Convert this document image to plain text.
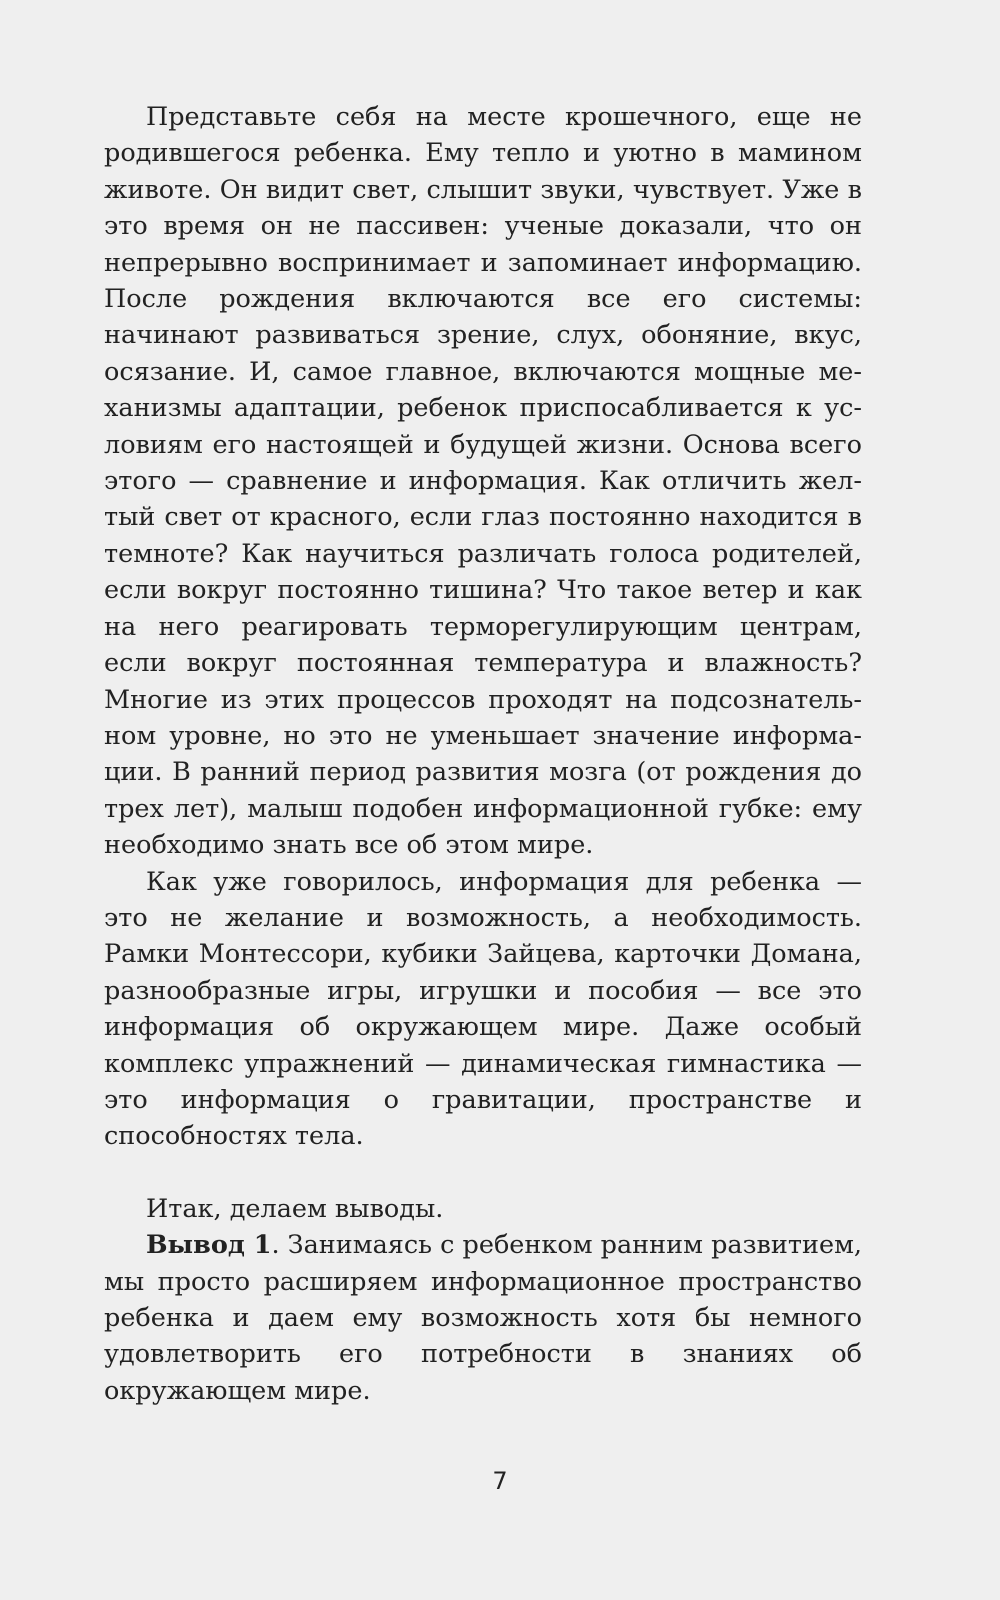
Представьте себя на месте крошечного, еще не родившегося ребенка. Ему тепло и уютно в мамином животе. Он видит свет, слышит звуки, чувствует. Уже в это время он не пассивен: ученые доказали, что он непрерывно воспринимает и запоминает информацию. После рождения включаются все его системы: начинают развиваться зрение, слух, обоняние, вкус, осязание. И, самое главное, включаются мощные механизмы адаптации, ребенок приспосабливается к условиям его настоящей и будущей жизни. Основа всего этого — сравнение и информация. Как отличить желтый свет от красного, если глаз постоянно находится в темноте? Как научиться различать голоса родителей, если вокруг постоянно тишина? Что такое ветер и как на него реагировать терморегулирующим центрам, если вокруг постоянная температура и влажность? Многие из этих процессов проходят на подсознательном уровне, но это не уменьшает значение информации. В ранний период развития мозга (от рождения до трех лет), малыш подобен информационной губке: ему необходимо знать все об этом мире.

Как уже говорилось, информация для ребенка — это не желание и возможность, а необходимость. Рамки Монтессори, кубики Зайцева, карточки Домана, разнообразные игры, игрушки и пособия — все это информация об окружающем мире. Даже особый комплекс упражнений — динамическая гимнастика — это информация о гравитации, пространстве и способностях тела.

Итак, делаем выводы.

Вывод 1. Занимаясь с ребенком ранним развитием, мы просто расширяем информационное пространство ребенка и даем ему возможность хотя бы немного удовлетворить его потребности в знаниях об окружающем мире.

7
